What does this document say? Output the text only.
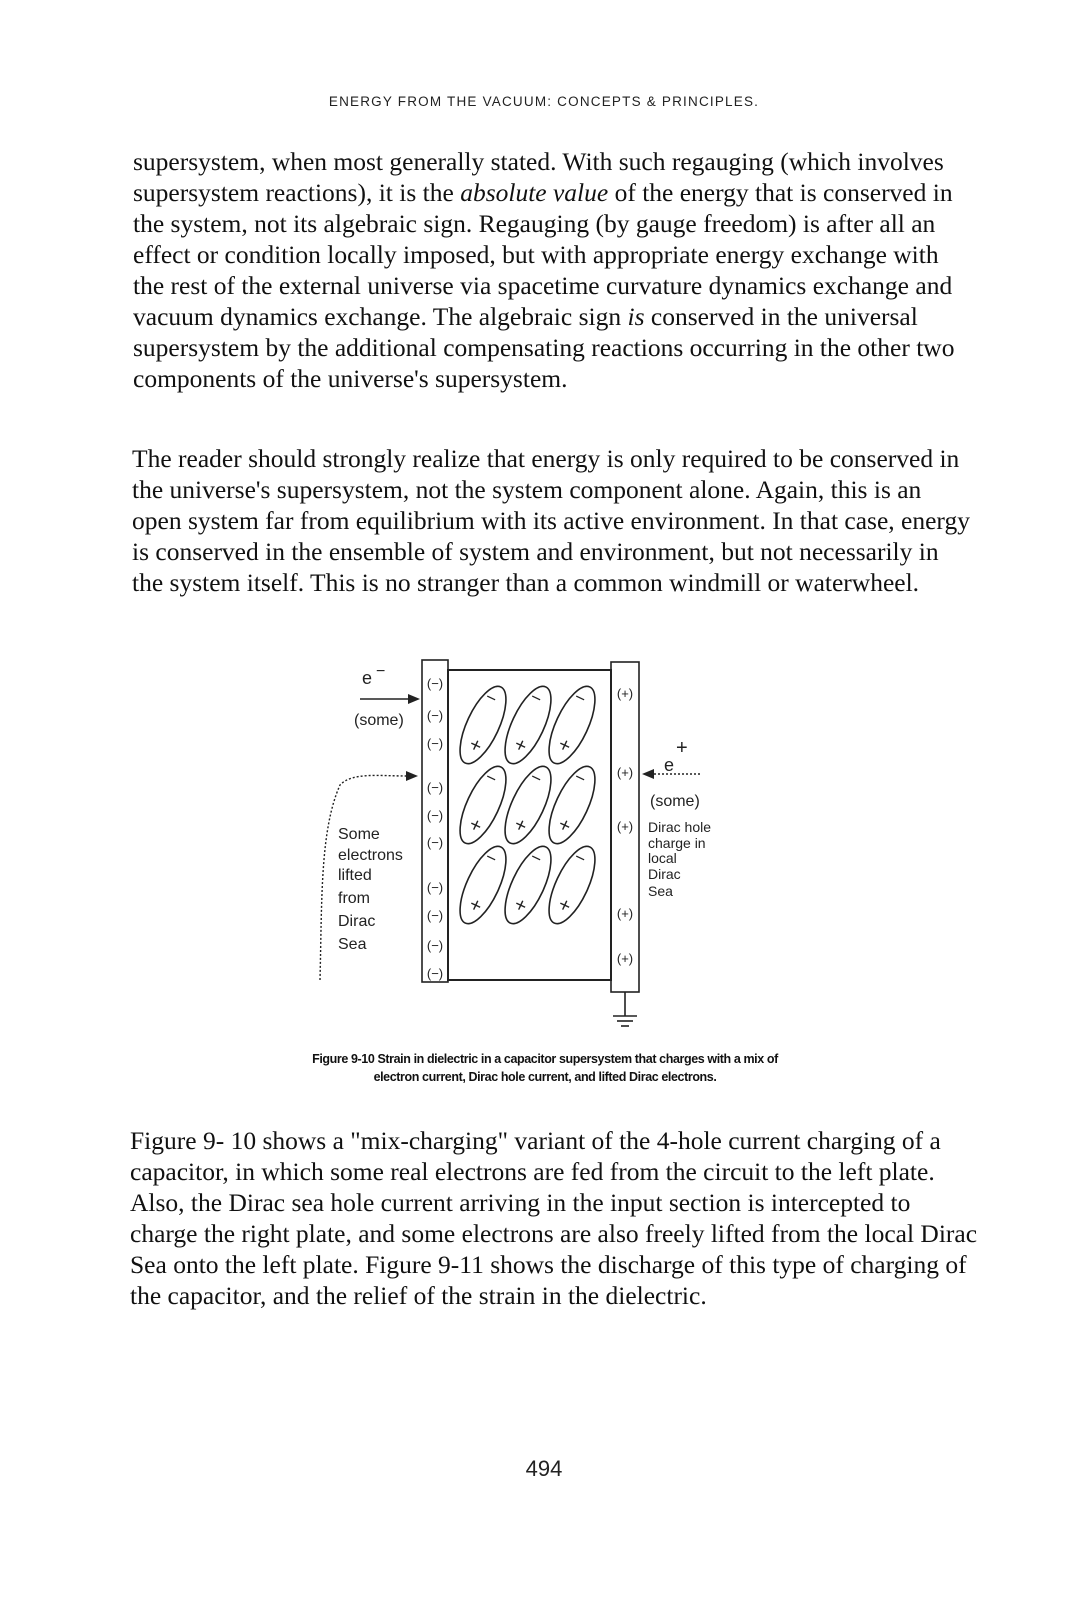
ENERGY FROM THE VACUUM: CONCEPTS & PRINCIPLES.

supersystem, when most generally stated. With such regauging (which involves supersystem reactions), it is the absolute value of the energy that is conserved in the system, not its algebraic sign. Regauging (by gauge freedom) is after all an effect or condition locally imposed, but with appropriate energy exchange with the rest of the external universe via spacetime curvature dynamics exchange and vacuum dynamics exchange. The algebraic sign is conserved in the universal supersystem by the additional compensating reactions occurring in the other two components of the universe's supersystem.

The reader should strongly realize that energy is only required to be conserved in the universe's supersystem, not the system component alone. Again, this is an open system far from equilibrium with its active environment. In that case, energy is conserved in the ensemble of system and environment, but not necessarily in the system itself. This is no stranger than a common windmill or waterwheel.

−
+
−
+
−
+
−
+
−
+
−
+
−
+
−
+
−
+
(−)
(−)
(−)
(−)
(−)
(−)
(−)
(−)
(−)
(−)
(+)
(+)
(+)
(+)
(+)
e −
(some)
Some
electrons
lifted
from
Dirac
Sea
e
+
(some)
Dirac hole
charge in
local
Dirac
Sea
Figure 9-10 Strain in dielectric in a capacitor supersystem that charges with a mix of
electron current, Dirac hole current, and lifted Dirac electrons.

Figure 9- 10 shows a "mix-charging" variant of the 4-hole current charging of a capacitor, in which some real electrons are fed from the circuit to the left plate. Also, the Dirac sea hole current arriving in the input section is intercepted to charge the right plate, and some electrons are also freely lifted from the local Dirac Sea onto the left plate. Figure 9-11 shows the discharge of this type of charging of the capacitor, and the relief of the strain in the dielectric.

494
